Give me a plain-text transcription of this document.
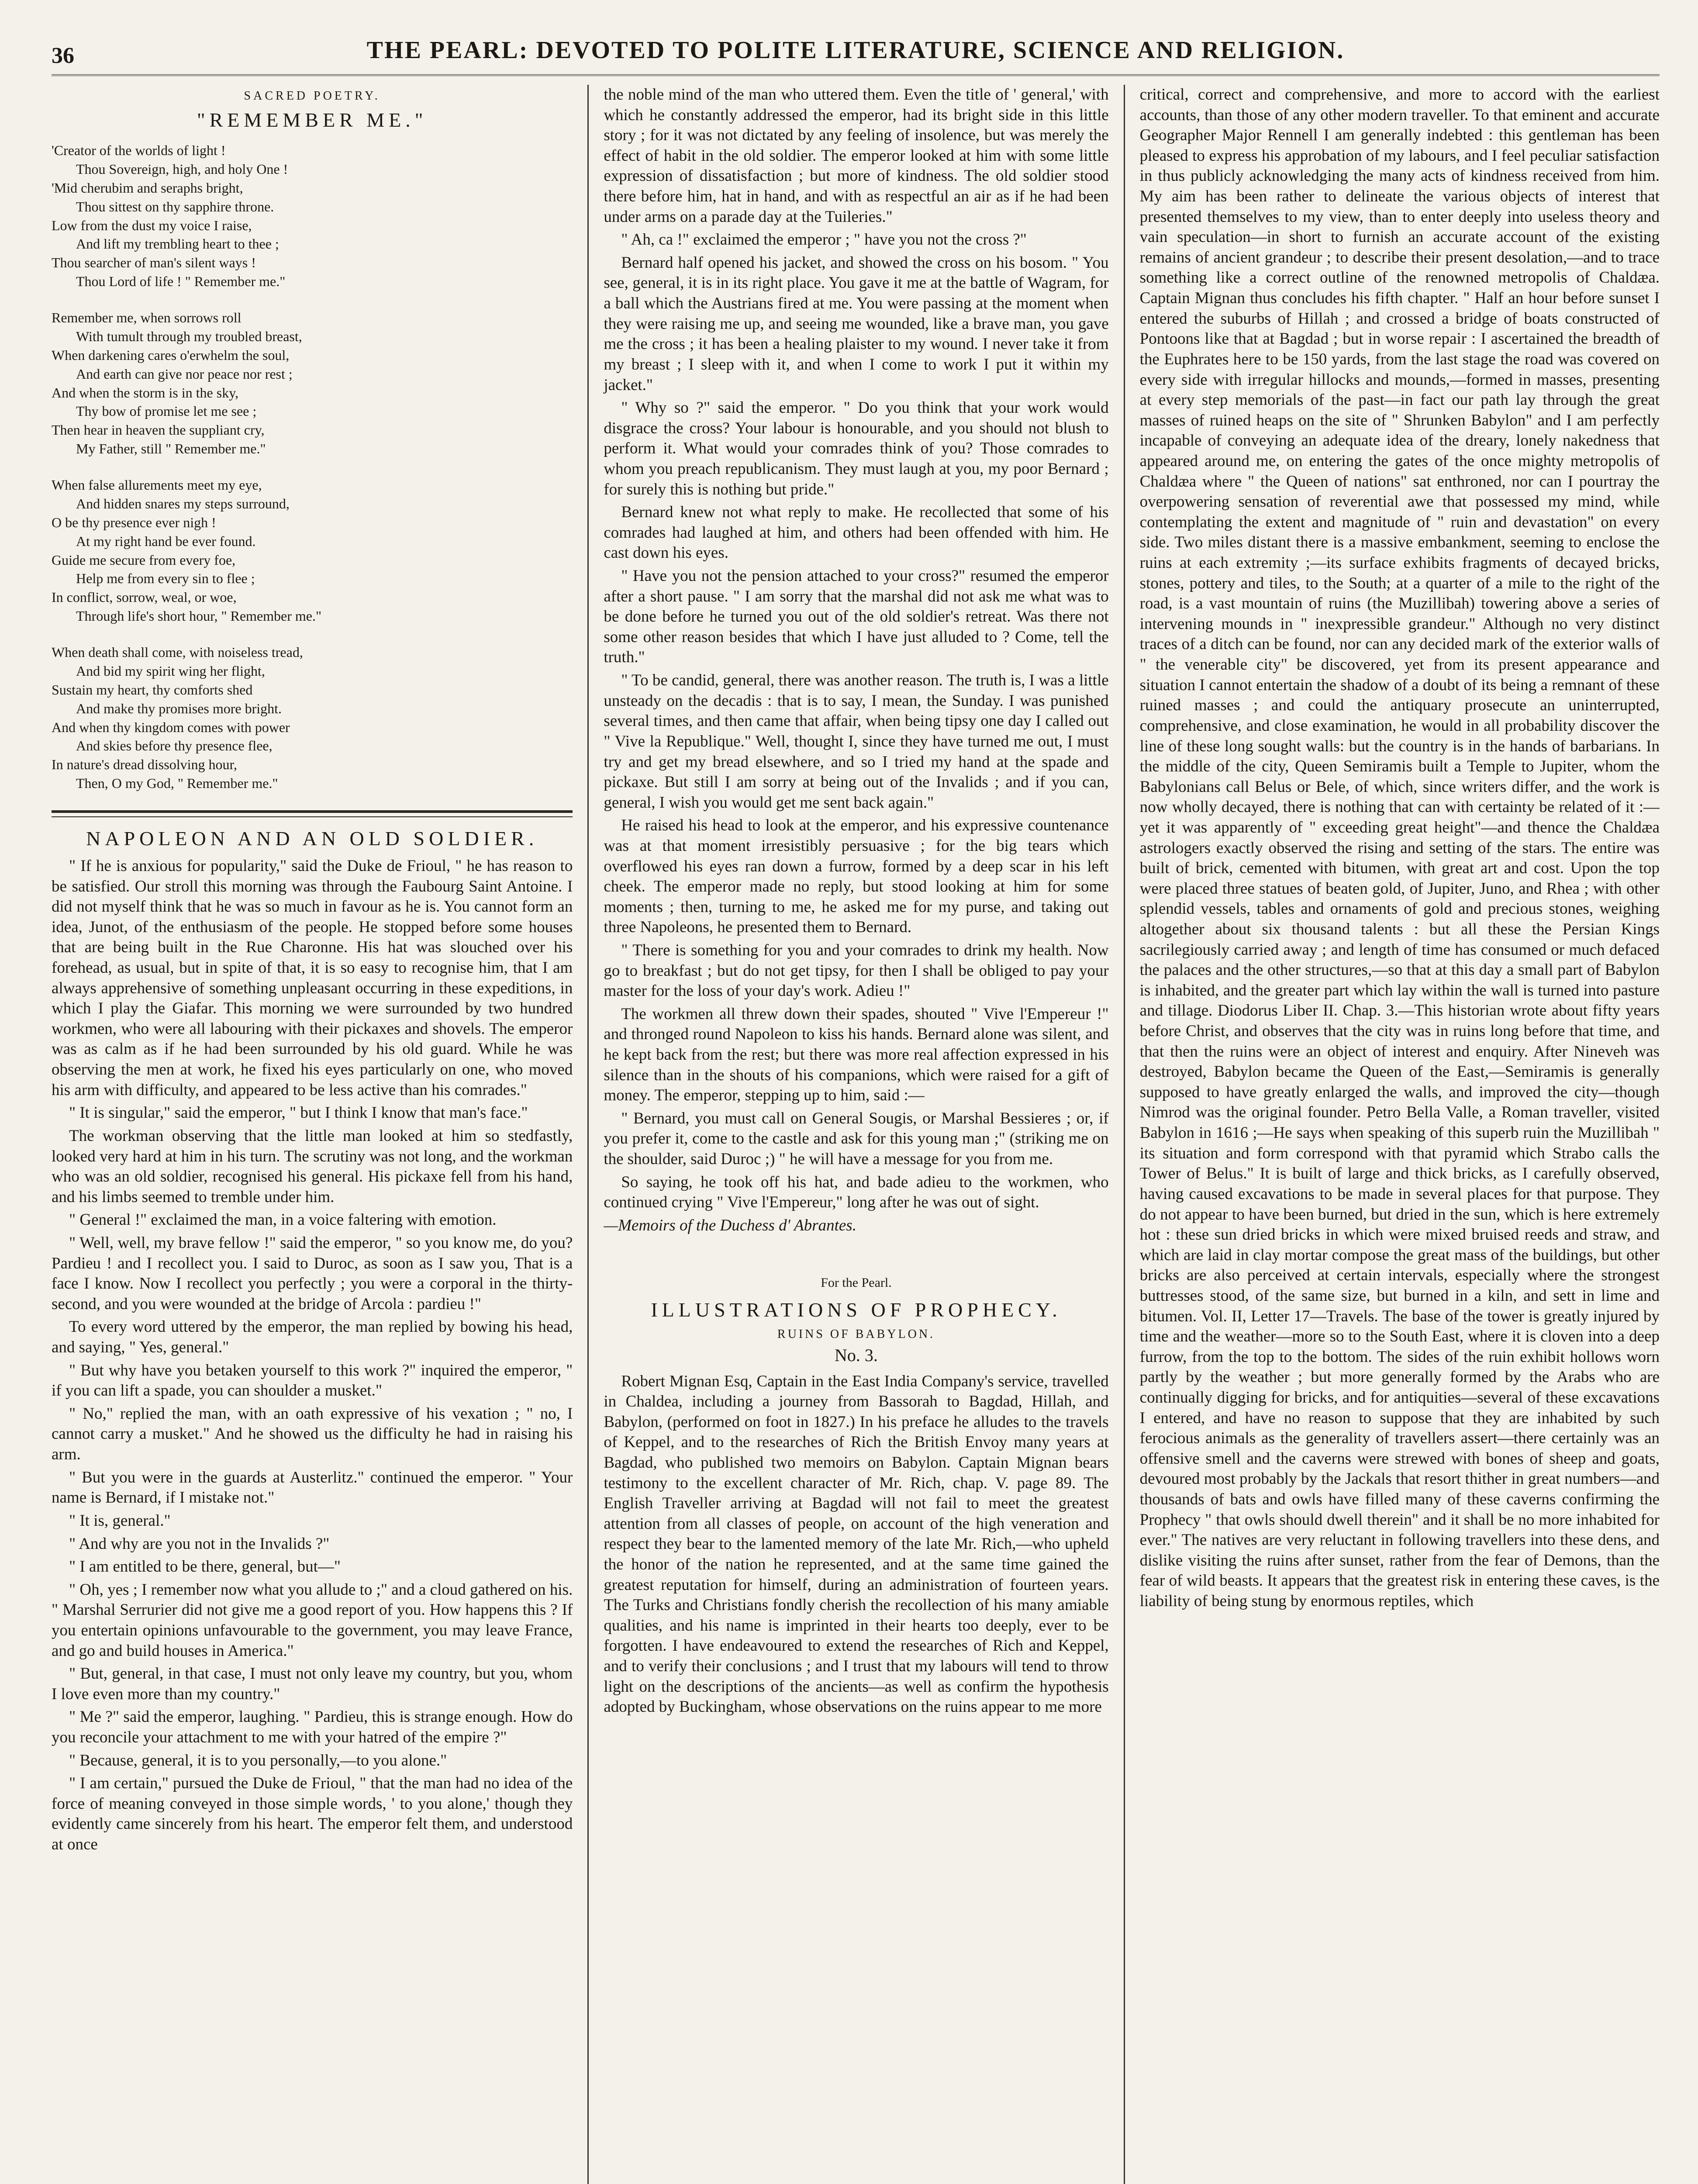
36	THE PEARL: DEVOTED TO POLITE LITERATURE, SCIENCE AND RELIGION.
SACRED POETRY.
"REMEMBER ME."
'Creator of the worlds of light !
Thou Sovereign, high, and holy One !
'Mid cherubim and seraphs bright,
Thou sittest on thy sapphire throne.
Low from the dust my voice I raise,
And lift my trembling heart to thee ;
Thou searcher of man's silent ways !
Thou Lord of life ! " Remember me."
Remember me, when sorrows roll
With tumult through my troubled breast,
When darkening cares o'erwhelm the soul,
And earth can give nor peace nor rest ;
And when the storm is in the sky,
Thy bow of promise let me see ;
Then hear in heaven the suppliant cry,
My Father, still " Remember me."
When false allurements meet my eye,
And hidden snares my steps surround,
O be thy presence ever nigh !
At my right hand be ever found.
Guide me secure from every foe,
Help me from every sin to flee ;
In conflict, sorrow, weal, or woe,
Through life's short hour, " Remember me."
When death shall come, with noiseless tread,
And bid my spirit wing her flight,
Sustain my heart, thy comforts shed
And make thy promises more bright.
And when thy kingdom comes with power
And skies before thy presence flee,
In nature's dread dissolving hour,
Then, O my God, " Remember me."
NAPOLEON AND AN OLD SOLDIER.

" If he is anxious for popularity," said the Duke de Frioul, " he has reason to be satisfied. Our stroll this morning was through the Faubourg Saint Antoine. I did not myself think that he was so much in favour as he is. You cannot form an idea, Junot, of the enthusiasm of the people. He stopped before some houses that are being built in the Rue Charonne. His hat was slouched over his forehead, as usual, but in spite of that, it is so easy to recognise him, that I am always apprehensive of something unpleasant occurring in these expeditions, in which I play the Giafar. This morning we were surrounded by two hundred workmen, who were all labouring with their pickaxes and shovels. The emperor was as calm as if he had been surrounded by his old guard. While he was observing the men at work, he fixed his eyes particularly on one, who moved his arm with difficulty, and appeared to be less active than his comrades."

" It is singular," said the emperor, " but I think I know that man's face."

The workman observing that the little man looked at him so stedfastly, looked very hard at him in his turn. The scrutiny was not long, and the workman who was an old soldier, recognised his general. His pickaxe fell from his hand, and his limbs seemed to tremble under him.

" General !" exclaimed the man, in a voice faltering with emotion.

" Well, well, my brave fellow !" said the emperor, " so you know me, do you? Pardieu ! and I recollect you. I said to Duroc, as soon as I saw you, That is a face I know. Now I recollect you perfectly ; you were a corporal in the thirty-second, and you were wounded at the bridge of Arcola : pardieu !"

To every word uttered by the emperor, the man replied by bowing his head, and saying, " Yes, general."

" But why have you betaken yourself to this work ?" inquired the emperor, " if you can lift a spade, you can shoulder a musket."

" No," replied the man, with an oath expressive of his vexation ; " no, I cannot carry a musket." And he showed us the difficulty he had in raising his arm.

" But you were in the guards at Austerlitz." continued the emperor. " Your name is Bernard, if I mistake not."

" It is, general."

" And why are you not in the Invalids ?"

" I am entitled to be there, general, but—"

" Oh, yes ; I remember now what you allude to ;" and a cloud gathered on his. " Marshal Serrurier did not give me a good report of you. How happens this ? If you entertain opinions unfavourable to the government, you may leave France, and go and build houses in America."

" But, general, in that case, I must not only leave my country, but you, whom I love even more than my country."

" Me ?" said the emperor, laughing. " Pardieu, this is strange enough. How do you reconcile your attachment to me with your hatred of the empire ?"

" Because, general, it is to you personally,—to you alone."

" I am certain," pursued the Duke de Frioul, " that the man had no idea of the force of meaning conveyed in those simple words, ' to you alone,' though they evidently came sincerely from his heart. The emperor felt them, and understood at once

the noble mind of the man who uttered them. Even the title of ' general,' with which he constantly addressed the emperor, had its bright side in this little story ; for it was not dictated by any feeling of insolence, but was merely the effect of habit in the old soldier. The emperor looked at him with some little expression of dissatisfaction ; but more of kindness. The old soldier stood there before him, hat in hand, and with as respectful an air as if he had been under arms on a parade day at the Tuileries."

" Ah, ca !" exclaimed the emperor ; " have you not the cross ?"

Bernard half opened his jacket, and showed the cross on his bosom. " You see, general, it is in its right place. You gave it me at the battle of Wagram, for a ball which the Austrians fired at me. You were passing at the moment when they were raising me up, and seeing me wounded, like a brave man, you gave me the cross ; it has been a healing plaister to my wound. I never take it from my breast ; I sleep with it, and when I come to work I put it within my jacket."

" Why so ?" said the emperor. " Do you think that your work would disgrace the cross? Your labour is honourable, and you should not blush to perform it. What would your comrades think of you? Those comrades to whom you preach republicanism. They must laugh at you, my poor Bernard ; for surely this is nothing but pride."

Bernard knew not what reply to make. He recollected that some of his comrades had laughed at him, and others had been offended with him. He cast down his eyes.

" Have you not the pension attached to your cross?" resumed the emperor after a short pause. " I am sorry that the marshal did not ask me what was to be done before he turned you out of the old soldier's retreat. Was there not some other reason besides that which I have just alluded to ? Come, tell the truth."

" To be candid, general, there was another reason. The truth is, I was a little unsteady on the decadis : that is to say, I mean, the Sunday. I was punished several times, and then came that affair, when being tipsy one day I called out " Vive la Republique." Well, thought I, since they have turned me out, I must try and get my bread elsewhere, and so I tried my hand at the spade and pickaxe. But still I am sorry at being out of the Invalids ; and if you can, general, I wish you would get me sent back again."

He raised his head to look at the emperor, and his expressive countenance was at that moment irresistibly persuasive ; for the big tears which overflowed his eyes ran down a furrow, formed by a deep scar in his left cheek. The emperor made no reply, but stood looking at him for some moments ; then, turning to me, he asked me for my purse, and taking out three Napoleons, he presented them to Bernard.

" There is something for you and your comrades to drink my health. Now go to breakfast ; but do not get tipsy, for then I shall be obliged to pay your master for the loss of your day's work. Adieu !"

The workmen all threw down their spades, shouted " Vive l'Empereur !" and thronged round Napoleon to kiss his hands. Bernard alone was silent, and he kept back from the rest; but there was more real affection expressed in his silence than in the shouts of his companions, which were raised for a gift of money. The emperor, stepping up to him, said :—

" Bernard, you must call on General Sougis, or Marshal Bessieres ; or, if you prefer it, come to the castle and ask for this young man ;" (striking me on the shoulder, said Duroc ;) " he will have a message for you from me.

So saying, he took off his hat, and bade adieu to the workmen, who continued crying " Vive l'Empereur," long after he was out of sight.

—Memoirs of the Duchess d' Abrantes.

For the Pearl.
ILLUSTRATIONS OF PROPHECY.
RUINS OF BABYLON.
No. 3.

Robert Mignan Esq, Captain in the East India Company's service, travelled in Chaldea, including a journey from Bassorah to Bagdad, Hillah, and Babylon, (performed on foot in 1827.) In his preface he alludes to the travels of Keppel, and to the researches of Rich the British Envoy many years at Bagdad, who published two memoirs on Babylon. Captain Mignan bears testimony to the excellent character of Mr. Rich, chap. V. page 89. The English Traveller arriving at Bagdad will not fail to meet the greatest attention from all classes of people, on account of the high veneration and respect they bear to the lamented memory of the late Mr. Rich,—who upheld the honor of the nation he represented, and at the same time gained the greatest reputation for himself, during an administration of fourteen years. The Turks and Christians fondly cherish the recollection of his many amiable qualities, and his name is imprinted in their hearts too deeply, ever to be forgotten. I have endeavoured to extend the researches of Rich and Keppel, and to verify their conclusions ; and I trust that my labours will tend to throw light on the descriptions of the ancients—as well as confirm the hypothesis adopted by Buckingham, whose observations on the ruins appear to me more

critical, correct and comprehensive, and more to accord with the earliest accounts, than those of any other modern traveller. To that eminent and accurate Geographer Major Rennell I am generally indebted : this gentleman has been pleased to express his approbation of my labours, and I feel peculiar satisfaction in thus publicly acknowledging the many acts of kindness received from him. My aim has been rather to delineate the various objects of interest that presented themselves to my view, than to enter deeply into useless theory and vain speculation—in short to furnish an accurate account of the existing remains of ancient grandeur ; to describe their present desolation,—and to trace something like a correct outline of the renowned metropolis of Chaldæa. Captain Mignan thus concludes his fifth chapter. " Half an hour before sunset I entered the suburbs of Hillah ; and crossed a bridge of boats constructed of Pontoons like that at Bagdad ; but in worse repair : I ascertained the breadth of the Euphrates here to be 150 yards, from the last stage the road was covered on every side with irregular hillocks and mounds,—formed in masses, presenting at every step memorials of the past—in fact our path lay through the great masses of ruined heaps on the site of " Shrunken Babylon" and I am perfectly incapable of conveying an adequate idea of the dreary, lonely nakedness that appeared around me, on entering the gates of the once mighty metropolis of Chaldæa where " the Queen of nations" sat enthroned, nor can I pourtray the overpowering sensation of reverential awe that possessed my mind, while contemplating the extent and magnitude of " ruin and devastation" on every side. Two miles distant there is a massive embankment, seeming to enclose the ruins at each extremity ;—its surface exhibits fragments of decayed bricks, stones, pottery and tiles, to the South; at a quarter of a mile to the right of the road, is a vast mountain of ruins (the Muzillibah) towering above a series of intervening mounds in " inexpressible grandeur." Although no very distinct traces of a ditch can be found, nor can any decided mark of the exterior walls of " the venerable city" be discovered, yet from its present appearance and situation I cannot entertain the shadow of a doubt of its being a remnant of these ruined masses ; and could the antiquary prosecute an uninterrupted, comprehensive, and close examination, he would in all probability discover the line of these long sought walls: but the country is in the hands of barbarians. In the middle of the city, Queen Semiramis built a Temple to Jupiter, whom the Babylonians call Belus or Bele, of which, since writers differ, and the work is now wholly decayed, there is nothing that can with certainty be related of it :—yet it was apparently of " exceeding great height"—and thence the Chaldæa astrologers exactly observed the rising and setting of the stars. The entire was built of brick, cemented with bitumen, with great art and cost. Upon the top were placed three statues of beaten gold, of Jupiter, Juno, and Rhea ; with other splendid vessels, tables and ornaments of gold and precious stones, weighing altogether about six thousand talents : but all these the Persian Kings sacrilegiously carried away ; and length of time has consumed or much defaced the palaces and the other structures,—so that at this day a small part of Babylon is inhabited, and the greater part which lay within the wall is turned into pasture and tillage. Diodorus Liber II. Chap. 3.—This historian wrote about fifty years before Christ, and observes that the city was in ruins long before that time, and that then the ruins were an object of interest and enquiry. After Nineveh was destroyed, Babylon became the Queen of the East,—Semiramis is generally supposed to have greatly enlarged the walls, and improved the city—though Nimrod was the original founder. Petro Bella Valle, a Roman traveller, visited Babylon in 1616 ;—He says when speaking of this superb ruin the Muzillibah " its situation and form correspond with that pyramid which Strabo calls the Tower of Belus." It is built of large and thick bricks, as I carefully observed, having caused excavations to be made in several places for that purpose. They do not appear to have been burned, but dried in the sun, which is here extremely hot : these sun dried bricks in which were mixed bruised reeds and straw, and which are laid in clay mortar compose the great mass of the buildings, but other bricks are also perceived at certain intervals, especially where the strongest buttresses stood, of the same size, but burned in a kiln, and sett in lime and bitumen. Vol. II, Letter 17—Travels. The base of the tower is greatly injured by time and the weather—more so to the South East, where it is cloven into a deep furrow, from the top to the bottom. The sides of the ruin exhibit hollows worn partly by the weather ; but more generally formed by the Arabs who are continually digging for bricks, and for antiquities—several of these excavations I entered, and have no reason to suppose that they are inhabited by such ferocious animals as the generality of travellers assert—there certainly was an offensive smell and the caverns were strewed with bones of sheep and goats, devoured most probably by the Jackals that resort thither in great numbers—and thousands of bats and owls have filled many of these caverns confirming the Prophecy " that owls should dwell therein" and it shall be no more inhabited for ever." The natives are very reluctant in following travellers into these dens, and dislike visiting the ruins after sunset, rather from the fear of Demons, than the fear of wild beasts. It appears that the greatest risk in entering these caves, is the liability of being stung by enormous reptiles, which
